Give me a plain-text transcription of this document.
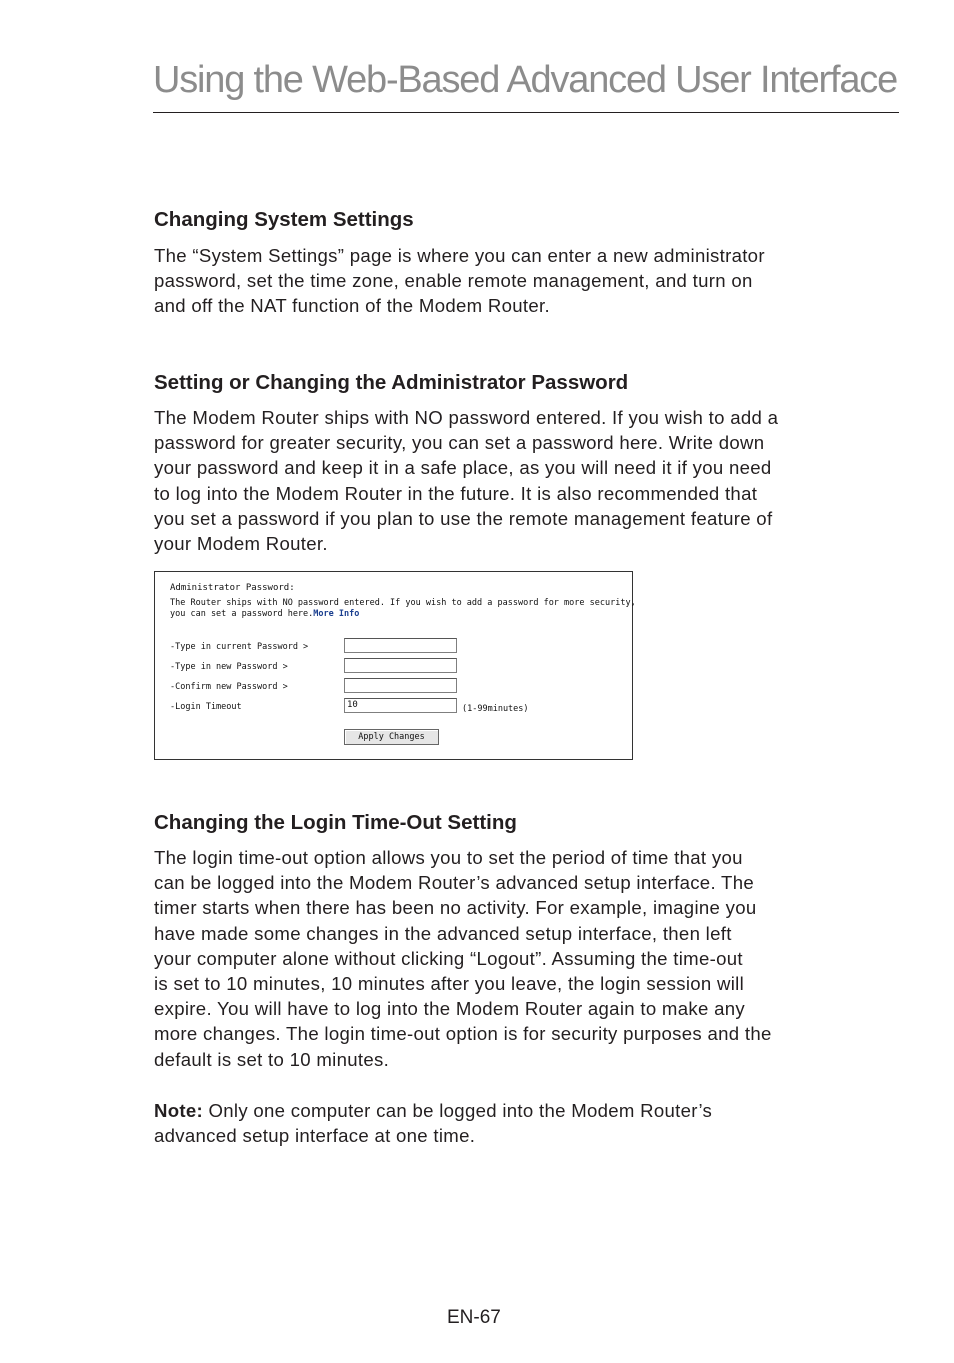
Using the Web-Based Advanced User Interface
Changing System Settings

The “System Settings” page is where you can enter a new administrator
password, set the time zone, enable remote management, and turn on
and off the NAT function of the Modem Router.

Setting or Changing the Administrator Password

The Modem Router ships with NO password entered. If you wish to add a
password for greater security, you can set a password here. Write down
your password and keep it in a safe place, as you will need it if you need
to log into the Modem Router in the future. It is also recommended that
you set a password if you plan to use the remote management feature of
your Modem Router.

Administrator Password:
The Router ships with NO password entered. If you wish to add a password for more security,
you can set a password here.More Info
-Type in current Password >
-Type in new Password >
-Confirm new Password >
-Login Timeout	10	(1-99minutes)
Apply Changes
Changing the Login Time-Out Setting

The login time-out option allows you to set the period of time that you
can be logged into the Modem Router’s advanced setup interface. The
timer starts when there has been no activity. For example, imagine you
have made some changes in the advanced setup interface, then left
your computer alone without clicking “Logout”. Assuming the time-out
is set to 10 minutes, 10 minutes after you leave, the login session will
expire. You will have to log into the Modem Router again to make any
more changes. The login time-out option is for security purposes and the
default is set to 10 minutes.

Note: Only one computer can be logged into the Modem Router’s
advanced setup interface at one time.

EN-67
